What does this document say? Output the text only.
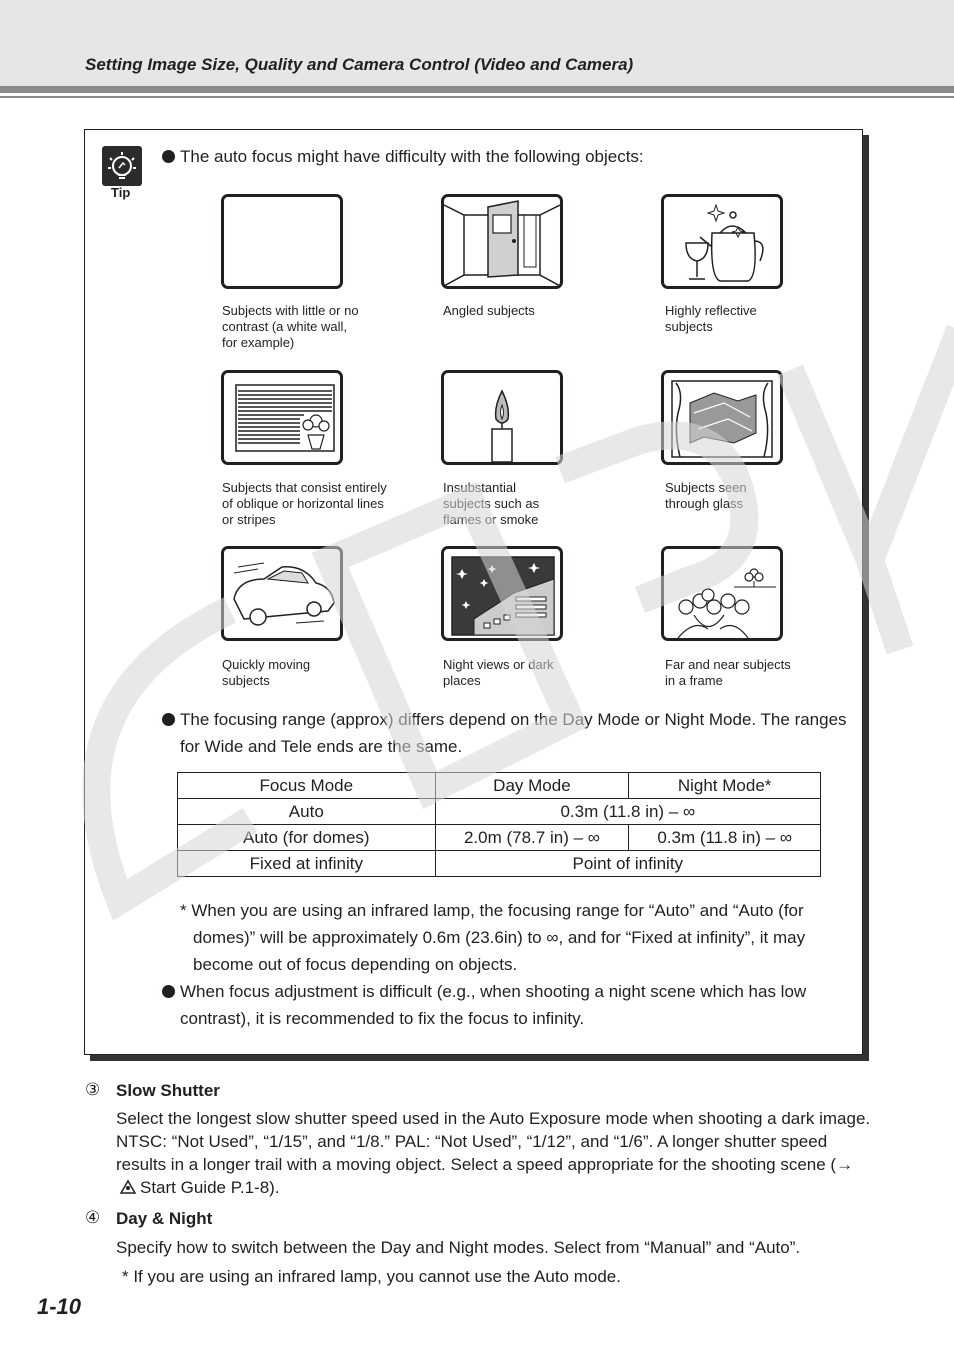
Setting Image Size, Quality and Camera Control (Video and Camera)
Tip
The auto focus might have difficulty with the following objects:
Subjects with little or no contrast (a white wall, for example)
Angled subjects	Highly reflective subjects
Subjects that consist entirely of oblique or horizontal lines or stripes
Insubstantial subjects such as flames or smoke
Subjects seen through glass
Quickly moving subjects
Night views or dark places
Far and near subjects in a frame
The focusing range (approx) differs depend on the Day Mode or Night Mode. The ranges for Wide and Tele ends are the same.
Focus Mode	Day Mode	Night Mode*
Auto	0.3m (11.8 in) – ∞	
Auto (for domes)	2.0m (78.7 in) – ∞	0.3m (11.8 in) – ∞
Fixed at infinity	Point of infinity	
* When you are using an infrared lamp, the focusing range for “Auto” and “Auto (for domes)” will be approximately 0.6m (23.6in) to ∞, and for “Fixed at infinity”, it may become out of focus depending on objects.
When focus adjustment is difficult (e.g., when shooting a night scene which has low contrast), it is recommended to fix the focus to infinity.
③ Slow Shutter
Select the longest slow shutter speed used in the Auto Exposure mode when shooting a dark image. NTSC: “Not Used”, “1/15”, and “1/8.” PAL: “Not Used”, “1/12”, and “1/6”. A longer shutter speed results in a longer trail with a moving object. Select a speed appropriate for the shooting scene (→Start Guide P.1-8).
④ Day & Night
Specify how to switch between the Day and Night modes. Select from “Manual” and “Auto”.
* If you are using an infrared lamp, you cannot use the Auto mode.
1-10
